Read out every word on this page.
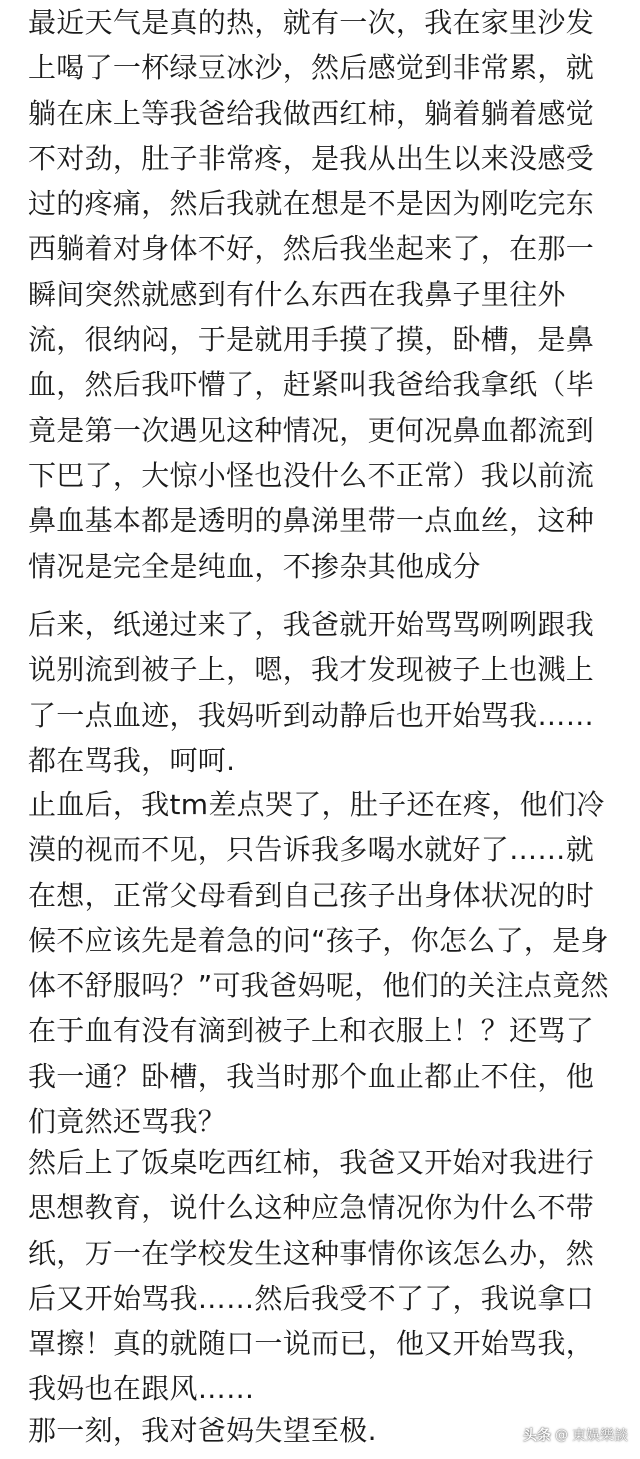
最近天气是真的热，就有一次，我在家里沙发上喝了一杯绿豆冰沙，然后感觉到非常累，就躺在床上等我爸给我做西红柿，躺着躺着感觉不对劲，肚子非常疼，是我从出生以来没感受过的疼痛，然后我就在想是不是因为刚吃完东西躺着对身体不好，然后我坐起来了，在那一瞬间突然就感到有什么东西在我鼻子里往外流，很纳闷，于是就用手摸了摸，卧槽，是鼻血，然后我吓懵了，赶紧叫我爸给我拿纸（毕竟是第一次遇见这种情况，更何况鼻血都流到下巴了，大惊小怪也没什么不正常）我以前流鼻血基本都是透明的鼻涕里带一点血丝，这种情况是完全是纯血，不掺杂其他成分

后来，纸递过来了，我爸就开始骂骂咧咧跟我说别流到被子上，嗯，我才发现被子上也溅上了一点血迹，我妈听到动静后也开始骂我……都在骂我，呵呵.

止血后，我tm差点哭了，肚子还在疼，他们冷漠的视而不见，只告诉我多喝水就好了……就在想，正常父母看到自己孩子出身体状况的时候不应该先是着急的问“孩子，你怎么了，是身体不舒服吗？”可我爸妈呢，他们的关注点竟然在于血有没有滴到被子上和衣服上！？还骂了我一通？卧槽，我当时那个血止都止不住，他们竟然还骂我？

然后上了饭桌吃西红柿，我爸又开始对我进行思想教育，说什么这种应急情况你为什么不带纸，万一在学校发生这种事情你该怎么办，然后又开始骂我……然后我受不了了，我说拿口罩擦！真的就随口一说而已，他又开始骂我，我妈也在跟风……

那一刻，我对爸妈失望至极.	头条 @ 東娛樂談
